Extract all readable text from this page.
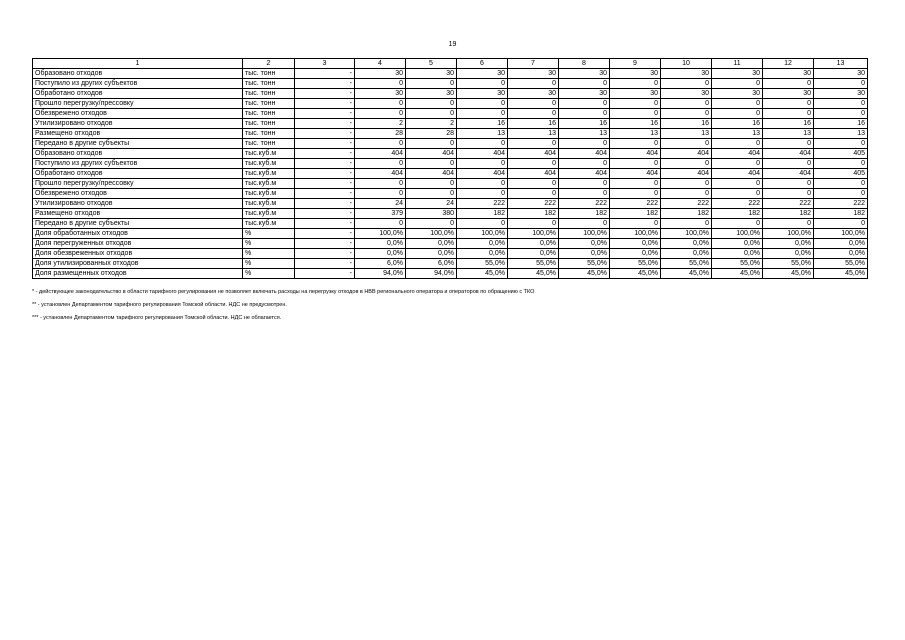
19
1	2	3	4	5	6	7	8	9	10	11	12	13
Образовано отходов	тыс. тонн	-	30	30	30	30	30	30	30	30	30	30
Поступило из других субъектов	тыс. тонн	-	0	0	0	0	0	0	0	0	0	0
Обработано отходов	тыс. тонн	-	30	30	30	30	30	30	30	30	30	30
Прошло перегрузку/прессовку	тыс. тонн	-	0	0	0	0	0	0	0	0	0	0
Обезврежено отходов	тыс. тонн	-	0	0	0	0	0	0	0	0	0	0
Утилизировано отходов	тыс. тонн	-	2	2	16	16	16	16	16	16	16	16
Размещено отходов	тыс. тонн	-	28	28	13	13	13	13	13	13	13	13
Передано в другие субъекты	тыс. тонн	-	0	0	0	0	0	0	0	0	0	0
Образовано отходов	тыс.куб.м	-	404	404	404	404	404	404	404	404	404	405
Поступило из других субъектов	тыс.куб.м	-	0	0	0	0	0	0	0	0	0	0
Обработано отходов	тыс.куб.м	-	404	404	404	404	404	404	404	404	404	405
Прошло перегрузку/прессовку	тыс.куб.м	-	0	0	0	0	0	0	0	0	0	0
Обезврежено отходов	тыс.куб.м	-	0	0	0	0	0	0	0	0	0	0
Утилизировано отходов	тыс.куб.м	-	24	24	222	222	222	222	222	222	222	222
Размещено отходов	тыс.куб.м	-	379	380	182	182	182	182	182	182	182	182
Передано в другие субъекты	тыс.куб.м	-	0	0	0	0	0	0	0	0	0	0
Доля обработанных отходов	%	-	100,0%	100,0%	100,0%	100,0%	100,0%	100,0%	100,0%	100,0%	100,0%	100,0%
Доля перегруженных отходов	%	-	0,0%	0,0%	0,0%	0,0%	0,0%	0,0%	0,0%	0,0%	0,0%	0,0%
Доля обезвреженных отходов	%	-	0,0%	0,0%	0,0%	0,0%	0,0%	0,0%	0,0%	0,0%	0,0%	0,0%
Доля утилизированных отходов	%	-	6,0%	6,0%	55,0%	55,0%	55,0%	55,0%	55,0%	55,0%	55,0%	55,0%
Доля размещенных отходов	%	-	94,0%	94,0%	45,0%	45,0%	45,0%	45,0%	45,0%	45,0%	45,0%	45,0%
* - действующее законодательство в области тарифного регулирования не позволяет включать расходы на перегрузку отходов в НВВ регионального оператора и операторов по обращению с ТКО
** - установлен Департаментом тарифного регулирования Томской области. НДС не предусмотрен.
*** - установлен Департаментом тарифного регулирования Томской области. НДС не облагается.
